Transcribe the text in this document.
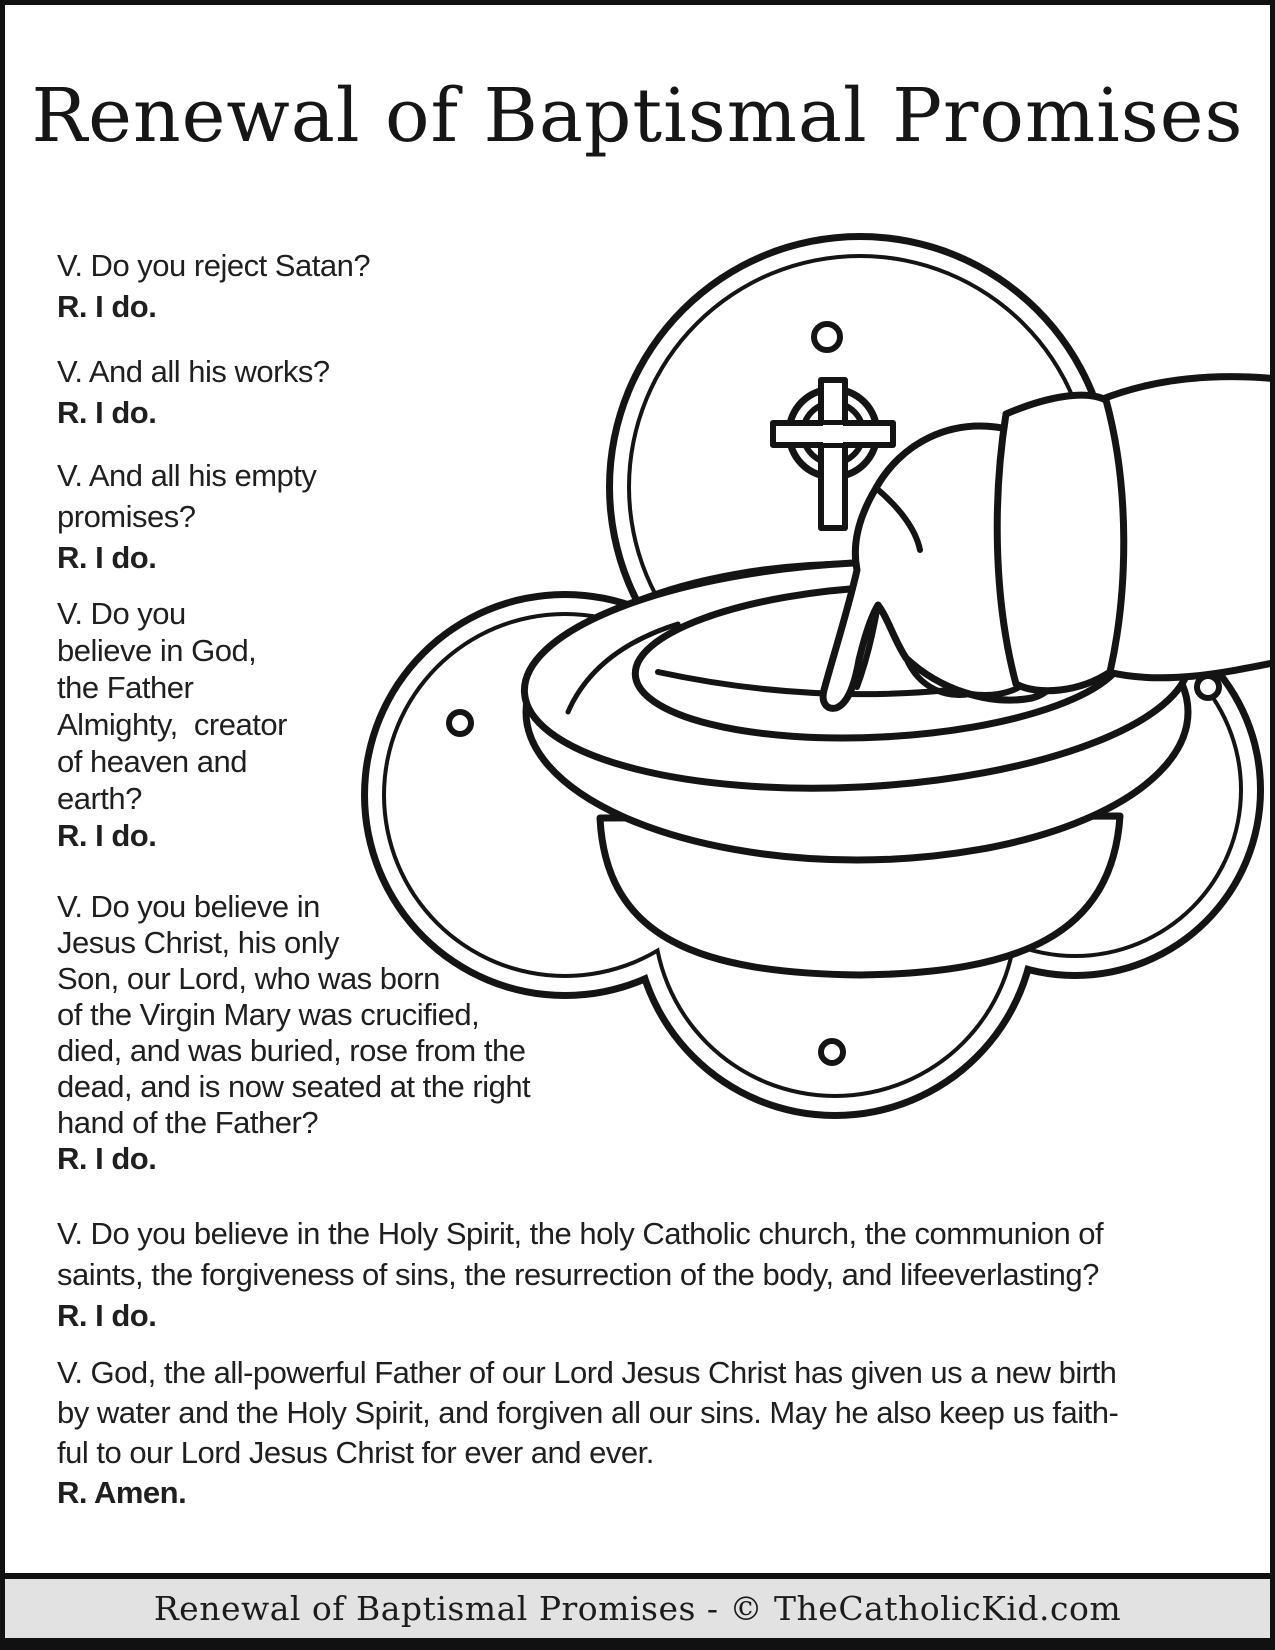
Renewal of Baptismal Promises
V. Do you reject Satan?
R. I do.
V. And all his works?
R. I do.
V. And all his empty
promises?
R. I do.
V. Do you
believe in God,
the Father
Almighty,  creator
of heaven and
earth?
R. I do.
V. Do you believe in
Jesus Christ, his only
Son, our Lord, who was born
of the Virgin Mary was crucified,
died, and was buried, rose from the
dead, and is now seated at the right
hand of the Father?
R. I do.
V. Do you believe in the Holy Spirit, the holy Catholic church, the communion of
saints, the forgiveness of sins, the resurrection of the body, and lifeeverlasting?
R. I do.
V. God, the all-powerful Father of our Lord Jesus Christ has given us a new birth
by water and the Holy Spirit, and forgiven all our sins. May he also keep us faith-
ful to our Lord Jesus Christ for ever and ever.
R. Amen.
Renewal of Baptismal Promises - © TheCatholicKid.com
